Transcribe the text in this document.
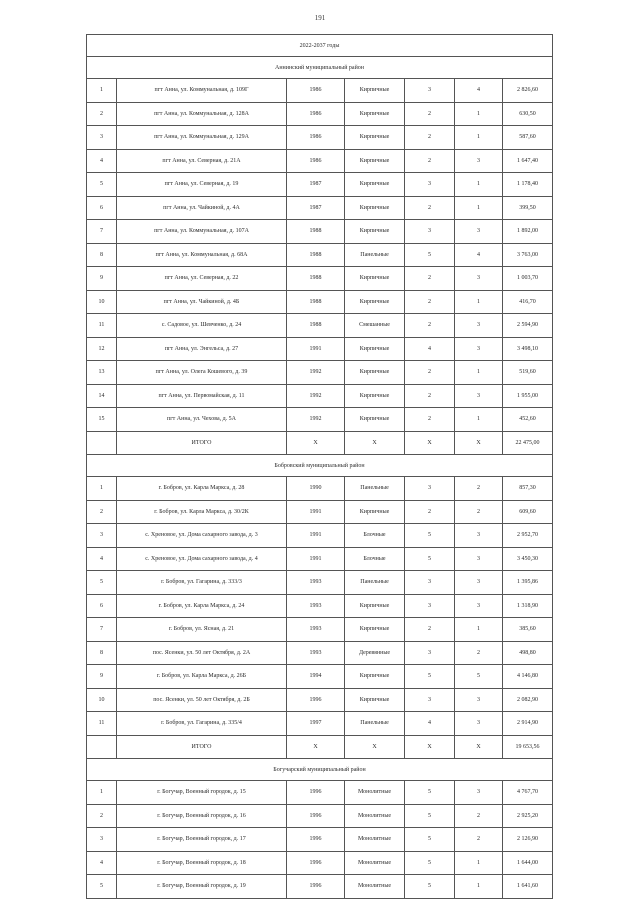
191
2022-2037 годы						
Аннинский муниципальный район						
1	пгт Анна, ул. Коммунальная, д. 109Г	1986	Кирпичные	3	4	2 826,60
2	пгт Анна, ул. Коммунальная, д. 128А	1986	Кирпичные	2	1	630,50
3	пгт Анна, ул. Коммунальная, д. 129А	1986	Кирпичные	2	1	587,60
4	пгт Анна, ул. Северная, д. 21А	1986	Кирпичные	2	3	1 647,40
5	пгт Анна, ул. Северная, д. 19	1987	Кирпичные	3	1	1 178,40
6	пгт Анна, ул. Чайкиной, д. 4А	1987	Кирпичные	2	1	399,50
7	пгт Анна, ул. Коммунальная, д. 107А	1988	Кирпичные	3	3	1 892,00
8	пгт Анна, ул. Коммунальная, д. 68А	1988	Панельные	5	4	3 763,00
9	пгт Анна, ул. Северная, д. 22	1988	Кирпичные	2	3	1 003,70
10	пгт Анна, ул. Чайкиной, д. 4Б	1988	Кирпичные	2	1	416,70
11	с. Садовое, ул. Шевченко, д. 24	1988	Смешанные	2	3	2 594,90
12	пгт Анна, ул. Энгельса, д. 27	1991	Кирпичные	4	3	3 498,10
13	пгт Анна, ул. Олега Кошевого, д. 39	1992	Кирпичные	2	1	519,60
14	пгт Анна, ул. Первомайская, д. 11	1992	Кирпичные	2	3	1 955,00
15	пгт Анна, ул. Чехова, д. 5А	1992	Кирпичные	2	1	452,60
	ИТОГО	X	X	X	X	22 475,00
Бобровский муниципальный район						
1	г. Бобров, ул. Карла Маркса, д. 28	1990	Панельные	3	2	857,30
2	г. Бобров, ул. Карла Маркса, д. 30/2К	1991	Кирпичные	2	2	609,60
3	с. Хреновое, ул. Дома сахарного завода, д. 3	1991	Блочные	5	3	2 952,70
4	с. Хреновое, ул. Дома сахарного завода, д. 4	1991	Блочные	5	3	3 450,30
5	г. Бобров, ул. Гагарина, д. 333/3	1993	Панельные	3	3	1 395,86
6	г. Бобров, ул. Карла Маркса, д. 24	1993	Кирпичные	3	3	1 318,90
7	г. Бобров, ул. Ясная, д. 21	1993	Кирпичные	2	1	385,60
8	пос. Ясенки, ул. 50 лет Октября, д. 2А	1993	Деревянные	3	2	498,80
9	г. Бобров, ул. Карла Маркса, д. 26Б	1994	Кирпичные	5	5	4 146,80
10	пос. Ясенки, ул. 50 лет Октября, д. 2Б	1996	Кирпичные	3	3	2 082,90
11	г. Бобров, ул. Гагарина, д. 335/4	1997	Панельные	4	3	2 914,90
	ИТОГО	X	X	X	X	19 653,56
Богучарский муниципальный район						
1	г. Богучар, Военный городок, д. 15	1996	Монолитные	5	3	4 767,70
2	г. Богучар, Военный городок, д. 16	1996	Монолитные	5	2	2 925,20
3	г. Богучар, Военный городок, д. 17	1996	Монолитные	5	2	2 126,90
4	г. Богучар, Военный городок, д. 18	1996	Монолитные	5	1	1 644,00
5	г. Богучар, Военный городок, д. 19	1996	Монолитные	5	1	1 641,60
